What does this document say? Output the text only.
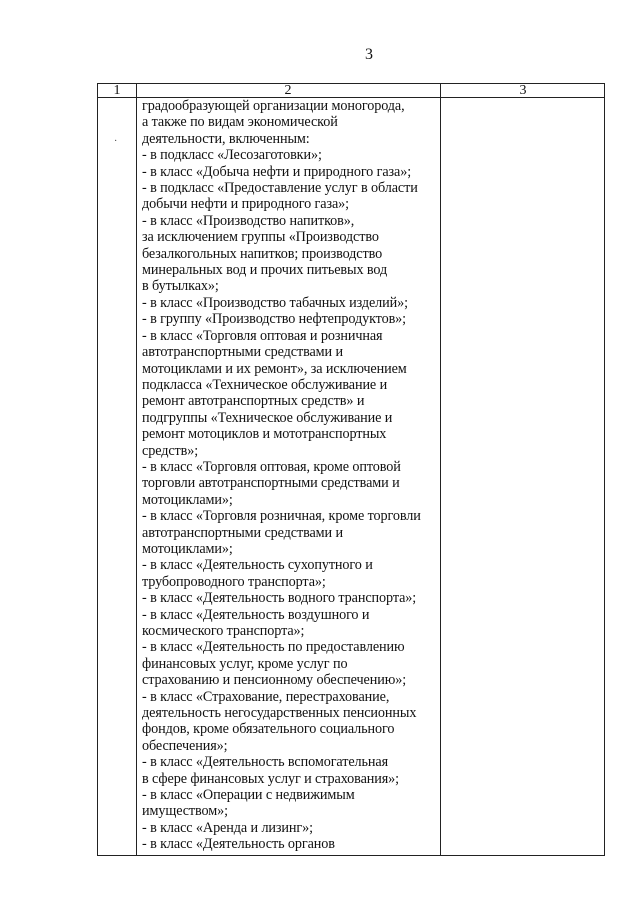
3
·
1	2	3
градообразующей организации моногорода,
а также по видам экономической
деятельности, включенным:
- в подкласс «Лесозаготовки»;
- в класс «Добыча нефти и природного газа»;
- в подкласс «Предоставление услуг в области
добычи нефти и природного газа»;
- в класс «Производство напитков»,
за исключением группы «Производство
безалкогольных напитков; производство
минеральных вод и прочих питьевых вод
в бутылках»;
- в класс «Производство табачных изделий»;
- в группу «Производство нефтепродуктов»;
- в класс «Торговля оптовая и розничная
автотранспортными средствами и
мотоциклами и их ремонт», за исключением
подкласса «Техническое обслуживание и
ремонт автотранспортных средств» и
подгруппы «Техническое обслуживание и
ремонт мотоциклов и мототранспортных
средств»;
- в класс «Торговля оптовая, кроме оптовой
торговли автотранспортными средствами и
мотоциклами»;
- в класс «Торговля розничная, кроме торговли
автотранспортными средствами и
мотоциклами»;
- в класс «Деятельность сухопутного и
трубопроводного транспорта»;
- в класс «Деятельность водного транспорта»;
- в класс «Деятельность воздушного и
космического транспорта»;
- в класс «Деятельность по предоставлению
финансовых услуг, кроме услуг по
страхованию и пенсионному обеспечению»;
- в класс «Страхование, перестрахование,
деятельность негосударственных пенсионных
фондов, кроме обязательного социального
обеспечения»;
- в класс «Деятельность вспомогательная
в сфере финансовых услуг и страхования»;
- в класс «Операции с недвижимым
имуществом»;
- в класс «Аренда и лизинг»;
- в класс «Деятельность органов
